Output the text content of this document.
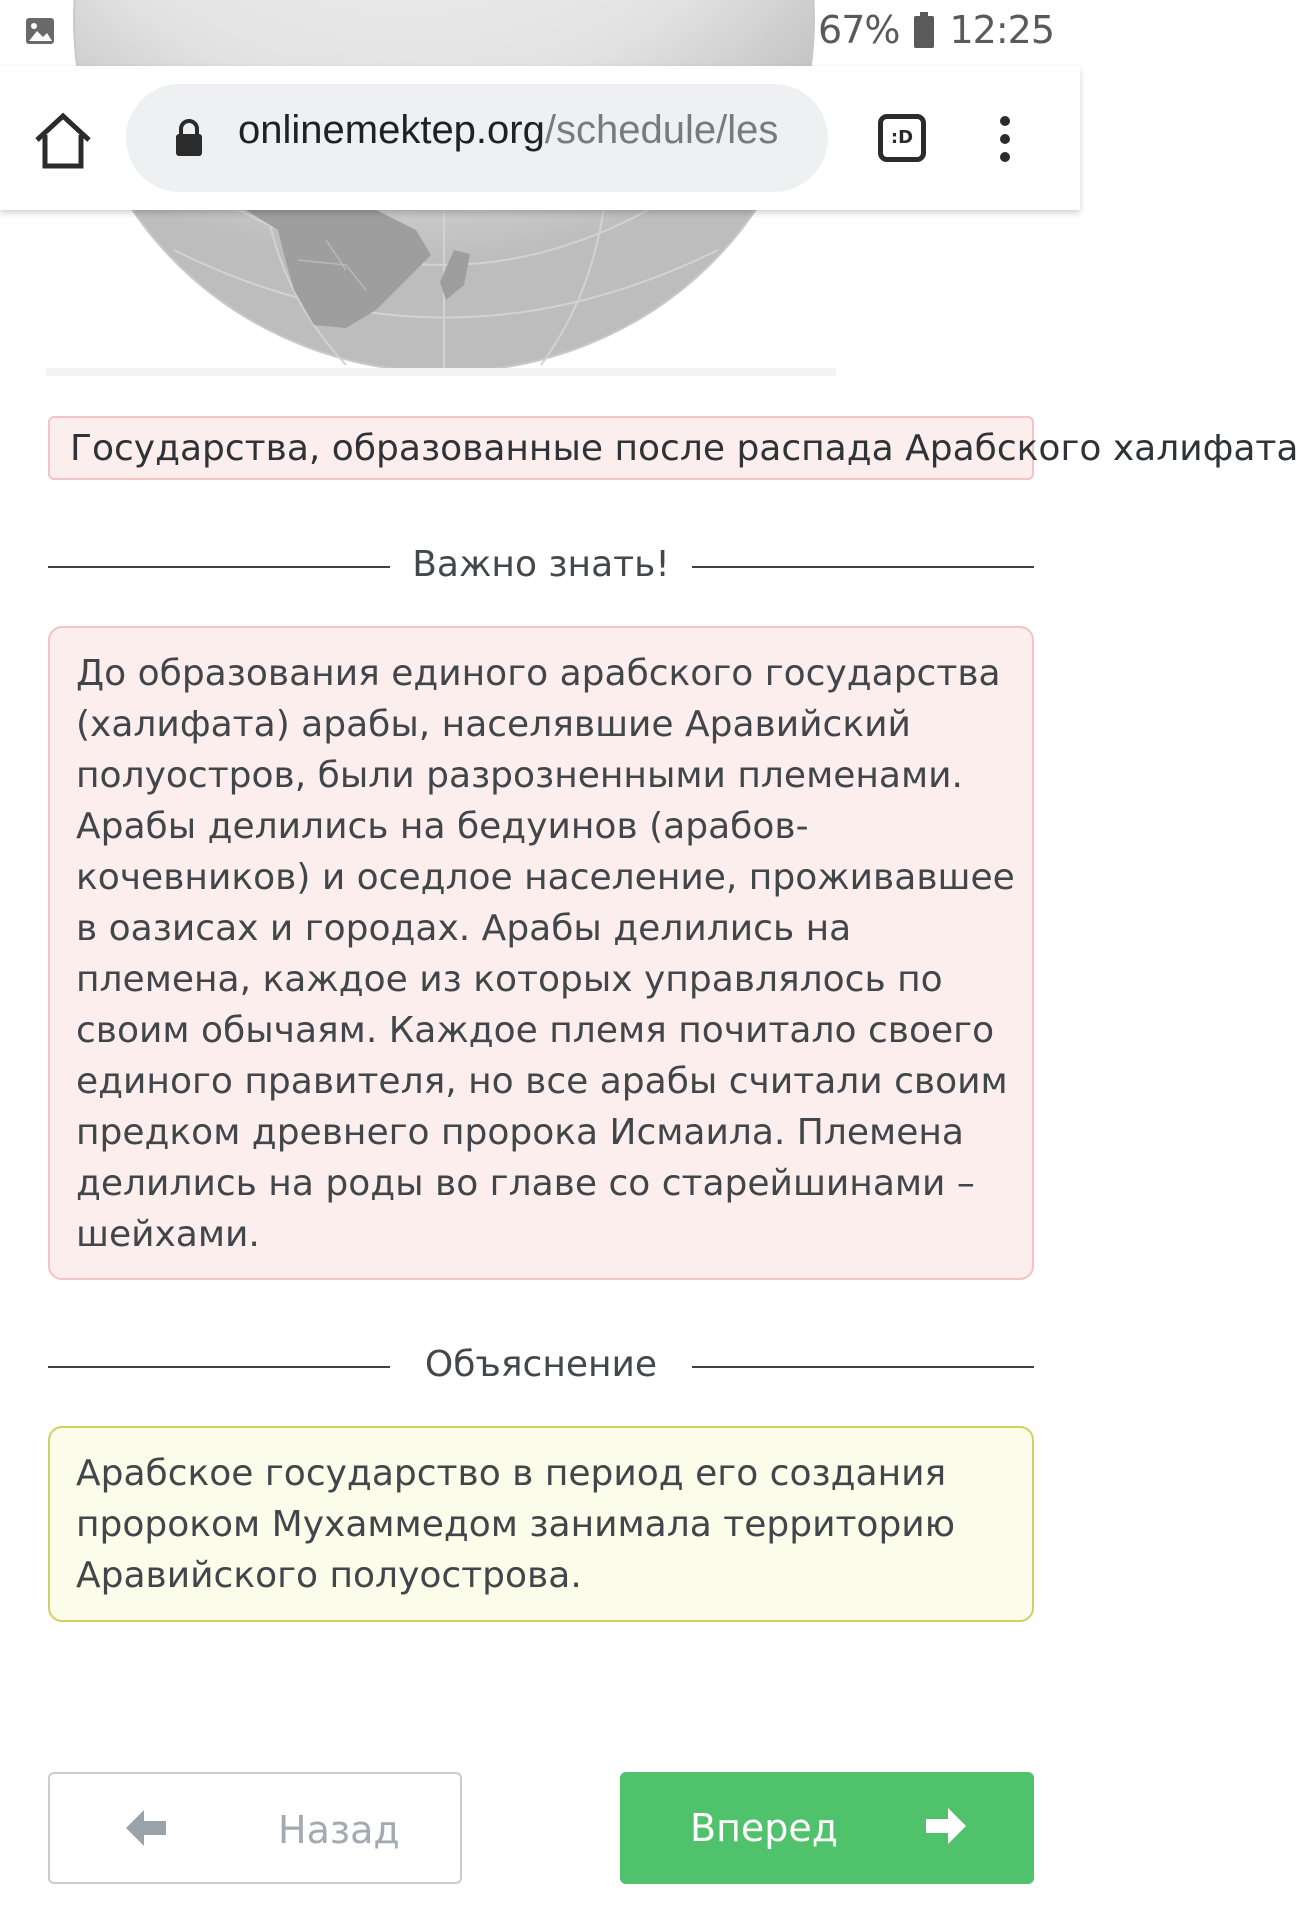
67% 12:25
onlinemektep.org/schedule/les	:D
Государства, образованные после распада Арабского халифата
Важно знать!
До образования единого арабского государства (халифата) арабы, населявшие Аравийский полуостров, были разрозненными племенами. Арабы делились на бедуинов (арабов-кочевников) и оседлое население, проживавшее в оазисах и городах. Арабы делились на племена, каждое из которых управлялось по своим обычаям. Каждое племя почитало своего единого правителя, но все арабы считали своим предком древнего пророка Исмаила. Племена делились на роды во главе со старейшинами – шейхами.
Объяснение
Арабское государство в период его создания пророком Мухаммедом занимала территорию Аравийского полуострова.
Назад	Вперед
